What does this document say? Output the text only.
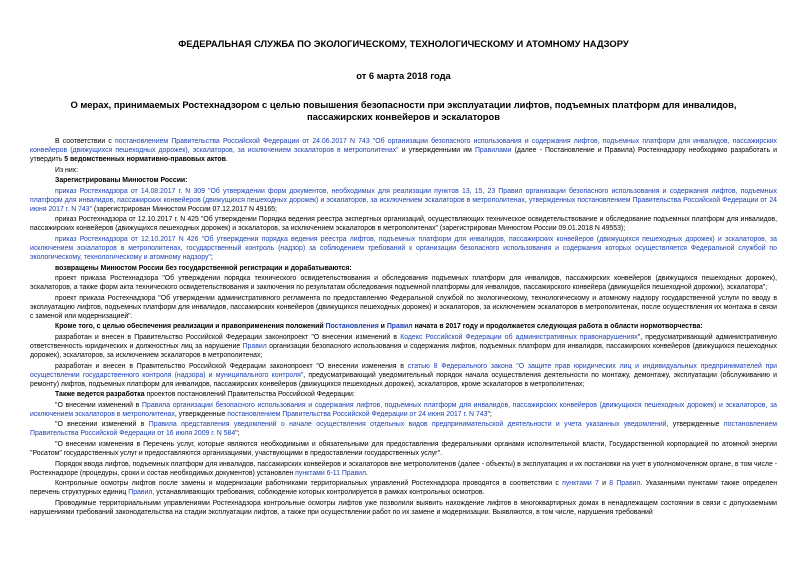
ФЕДЕРАЛЬНАЯ СЛУЖБА ПО ЭКОЛОГИЧЕСКОМУ, ТЕХНОЛОГИЧЕСКОМУ И АТОМНОМУ НАДЗОРУ

от 6 марта 2018 года

О мерах, принимаемых Ростехнадзором с целью повышения безопасности при эксплуатации лифтов, подъемных платформ для инвалидов, пассажирских конвейеров и эскалаторов

В соответствии с постановлением Правительства Российской Федерации от 24.06.2017 N 743 "Об организации безопасного использования и содержания лифтов, подъемных платформ для инвалидов, пассажирских конвейеров (движущихся пешеходных дорожек), эскалаторов, за исключением эскалаторов в метрополитенах" и утвержденными им Правилами (далее - Постановление и Правила) Ростехнадзору необходимо разработать и утвердить 5 ведомственных нормативно-правовых актов.

Из них:

Зарегистрированы Минюстом России:

приказ Ростехнадзора от 14.08.2017 г. N 309 "Об утверждении форм документов, необходимых для реализации пунктов 13, 15, 23 Правил организации безопасного использования и содержания лифтов, подъемных платформ для инвалидов, пассажирских конвейеров (движущихся пешеходных дорожек) и эскалаторов, за исключением эскалаторов в метрополитенах, утвержденных постановлением Правительства Российской Федерации от 24 июня 2017 г. N 743" (зарегистрирован Минюстом России 07.12.2017 N 49165;

приказ Ростехнадзора от 12.10.2017 г. N 425 "Об утверждении Порядка ведения реестра экспертных организаций, осуществляющих техническое освидетельствование и обследование подъемных платформ для инвалидов, пассажирских конвейеров (движущихся пешеходных дорожек) и эскалаторов, за исключением эскалаторов в метрополитенах" (зарегистрирован Минюстом России 09.01.2018 N 49553);

приказ Ростехнадзора от 12.10.2017 N 426 "Об утверждении порядка ведения реестра лифтов, подъемных платформ для инвалидов, пассажирских конвейеров (движущихся пешеходных дорожек) и эскалаторов, за исключением эскалаторов в метрополитенах, государственный контроль (надзор) за соблюдением требований к организации безопасного использования и содержания которых осуществляется Федеральной службой по экологическому, технологическому и атомному надзору";

возвращены Минюстом России без государственной регистрации и дорабатываются:

проект приказа Ростехнадзора "Об утверждении порядка технического освидетельствования и обследования подъемных платформ для инвалидов, пассажирских конвейеров (движущихся пешеходных дорожек), эскалаторов, а также форм акта технического освидетельствования и заключения по результатам обследования подъемной платформы для инвалидов, пассажирского конвейера (движущейся пешеходной дорожки), эскалатора";

проект приказа Ростехнадзора "Об утверждении административного регламента по предоставлению Федеральной службой по экологическому, технологическому и атомному надзору государственной услуги по вводу в эксплуатацию лифтов, подъемных платформ для инвалидов, пассажирских конвейеров (движущихся пешеходных дорожек) и эскалаторов, за исключением эскалаторов в метрополитенах, после осуществления их монтажа в связи с заменой или модернизацией".

Кроме того, с целью обеспечения реализации и правоприменения положений Постановления и Правил начата в 2017 году и продолжается следующая работа в области нормотворчества:

разработан и внесен в Правительство Российской Федерации законопроект "О внесении изменений в Кодекс Российской Федерации об административных правонарушениях", предусматривающий административную ответственность юридических и должностных лиц за нарушение Правил организации безопасного использования и содержания лифтов, подъемных платформ для инвалидов, пассажирских конвейеров (движущихся пешеходных дорожек), эскалаторов, за исключением эскалаторов в метрополитенах;

разработан и внесен в Правительство Российской Федерации законопроект "О внесении изменения в статью 8 Федерального закона "О защите прав юридических лиц и индивидуальных предпринимателей при осуществлении государственного контроля (надзора) и муниципального контроля", предусматривающий уведомительный порядок начала осуществления деятельности по монтажу, демонтажу, эксплуатации (обслуживанию и ремонту) лифтов, подъемных платформ для инвалидов, пассажирских конвейеров (движущихся пешеходных дорожек), эскалаторов, кроме эскалаторов в метрополитенах;

Также ведется разработка проектов постановлений Правительства Российской Федерации:

"О внесении изменений в Правила организации безопасного использования и содержания лифтов, подъемных платформ для инвалидов, пассажирских конвейеров (движущихся пешеходных дорожек) и эскалаторов, за исключением эскалаторов в метрополитенах, утвержденные постановлением Правительства Российской Федерации от 24 июня 2017 г. N 743";

"О внесении изменений в Правила представления уведомлений о начале осуществления отдельных видов предпринимательской деятельности и учета указанных уведомлений, утвержденные постановлением Правительства Российской Федерации от 16 июля 2009 г. N 584";

"О внесении изменения в Перечень услуг, которые являются необходимыми и обязательными для предоставления федеральными органами исполнительной власти, Государственной корпорацией по атомной энергии "Росатом" государственных услуг и предоставляются организациями, участвующими в предоставлении государственных услуг".

Порядок ввода лифтов, подъемных платформ для инвалидов, пассажирских конвейеров и эскалаторов вне метрополитенов (далее - объекты) в эксплуатацию и их постановки на учет в уполномоченном органе, в том числе - Ростехнадзоре (процедуры, сроки и состав необходимых документов) установлен пунктами 6-11 Правил.

Контрольные осмотры лифтов после замены и модернизации работниками территориальных управлений Ростехнадзора проводятся в соответствии с пунктами 7 и 8 Правил. Указанными пунктами также определен перечень структурных единиц Правил, устанавливающих требования, соблюдение которых контролируется в рамках контрольных осмотров.

Проводимые территориальными управлениями Ростехнадзора контрольные осмотры лифтов уже позволили выявить нахождение лифтов в многоквартирных домах в ненадлежащем состоянии в связи с допускаемыми нарушениями требований законодательства на стадии эксплуатации лифтов, а также при осуществлении работ по их замене и модернизации. Выявляются, в том числе, нарушения требований
